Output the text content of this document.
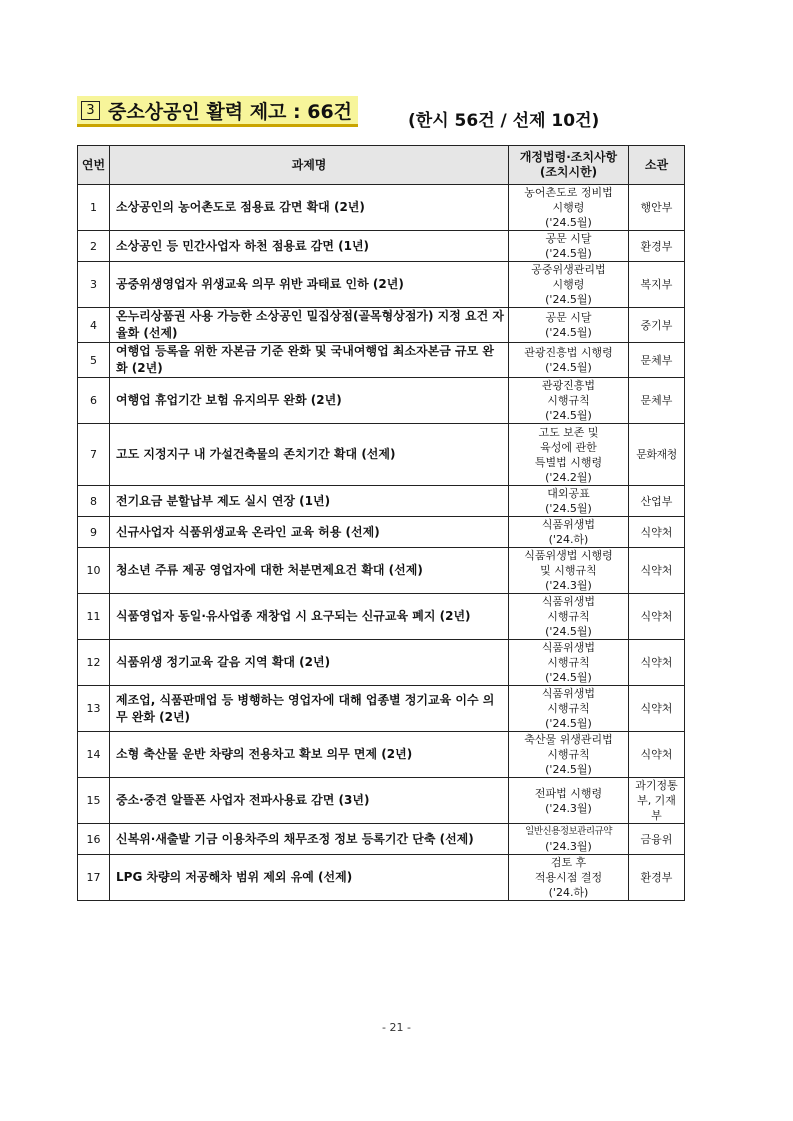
3 중소상공인 활력 제고 : 66건	(한시 56건 / 선제 10건)
연번	과제명	개정법령·조치사항
(조치시한)	소관
1	소상공인의 농어촌도로 점용료 감면 확대 (2년)	농어촌도로 정비법
시행령
('24.5월)	행안부
2	소상공인 등 민간사업자 하천 점용료 감면 (1년)	공문 시달
('24.5월)	환경부
3	공중위생영업자 위생교육 의무 위반 과태료 인하 (2년)	공중위생관리법
시행령
('24.5월)	복지부
4	온누리상품권 사용 가능한 소상공인 밀집상점(골목형상점가) 지정 요건 자율화 (선제)	공문 시달
('24.5월)	중기부
5	여행업 등록을 위한 자본금 기준 완화 및 국내여행업 최소자본금 규모 완화 (2년)	관광진흥법 시행령
('24.5월)	문체부
6	여행업 휴업기간 보험 유지의무 완화 (2년)	관광진흥법
시행규칙
('24.5월)	문체부
7	고도 지정지구 내 가설건축물의 존치기간 확대 (선제)	고도 보존 및
육성에 관한
특별법 시행령
('24.2월)	문화재청
8	전기요금 분할납부 제도 실시 연장 (1년)	대외공표
('24.5월)	산업부
9	신규사업자 식품위생교육 온라인 교육 허용 (선제)	식품위생법
('24.하)	식약처
10	청소년 주류 제공 영업자에 대한 처분면제요건 확대 (선제)	식품위생법 시행령
및 시행규칙
('24.3월)	식약처
11	식품영업자 동일·유사업종 재창업 시 요구되는 신규교육 폐지 (2년)	식품위생법
시행규칙
('24.5월)	식약처
12	식품위생 정기교육 갈음 지역 확대 (2년)	식품위생법
시행규칙
('24.5월)	식약처
13	제조업, 식품판매업 등 병행하는 영업자에 대해 업종별 정기교육 이수 의무 완화 (2년)	식품위생법
시행규칙
('24.5월)	식약처
14	소형 축산물 운반 차량의 전용차고 확보 의무 면제 (2년)	축산물 위생관리법
시행규칙
('24.5월)	식약처
15	중소·중견 알뜰폰 사업자 전파사용료 감면 (3년)	전파법 시행령
('24.3월)	과기정통부, 기재부
16	신복위·새출발 기금 이용차주의 채무조정 정보 등록기간 단축 (선제)	일반신용정보관리규약
('24.3월)	금융위
17	LPG 차량의 저공해차 범위 제외 유예 (선제)	검토 후
적용시점 결정
('24.하)	환경부
- 21 -
